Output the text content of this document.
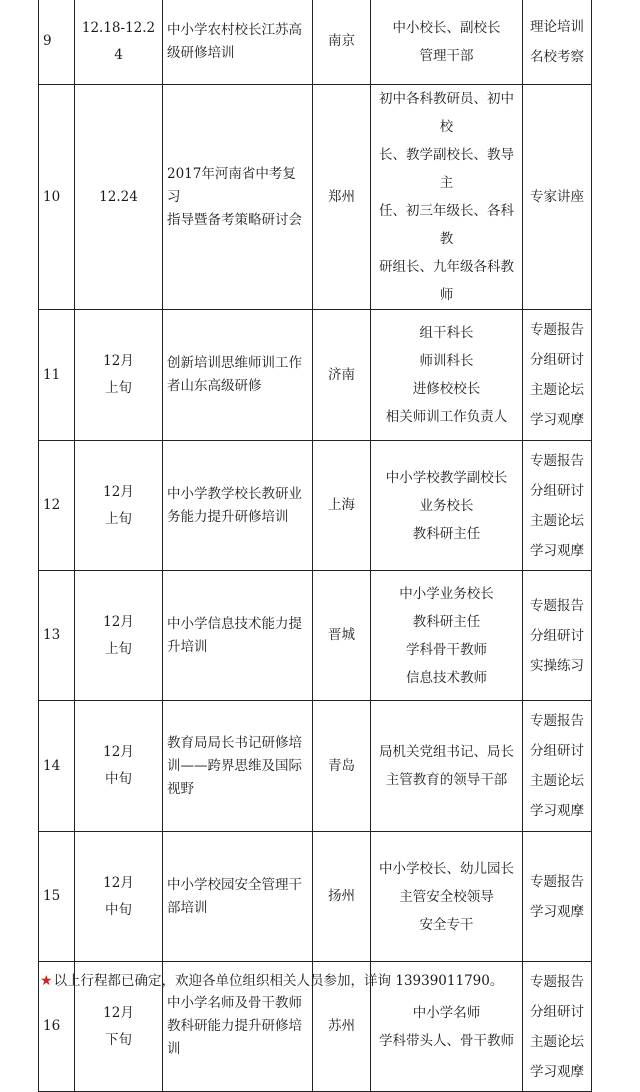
9	12.18-12.24	中小学农村校长江苏高
级研修培训	南京	中小校长、副校长
管理干部	理论培训
名校考察

10	12.24	2017年河南省中考复习
指导暨备考策略研讨会	郑州	初中各科教研员、初中校
长、教学副校长、教导主
任、初三年级长、各科教
研组长、九年级各科教师	专家讲座

11	12月
上旬	创新培训思维师训工作
者山东高级研修	济南	组干科长
师训科长
进修校校长
相关师训工作负责人	专题报告
分组研讨
主题论坛
学习观摩

12	12月
上旬	中小学教学校长教研业
务能力提升研修培训	上海	中小学校教学副校长
业务校长
教科研主任	专题报告
分组研讨
主题论坛
学习观摩

13	12月
上旬	中小学信息技术能力提
升培训	晋城	中小学业务校长
教科研主任
学科骨干教师
信息技术教师	专题报告
分组研讨
实操练习

14	12月
中旬	教育局局长书记研修培
训——跨界思维及国际
视野	青岛	局机关党组书记、局长
主管教育的领导干部	专题报告
分组研讨
主题论坛
学习观摩

15	12月
中旬	中小学校园安全管理干
部培训	扬州	中小学校长、幼儿园长
主管安全校领导
安全专干	专题报告
学习观摩

16	12月
下旬	中小学名师及骨干教师
教科研能力提升研修培
训	苏州	中小学名师
学科带头人、骨干教师	专题报告
分组研讨
主题论坛
学习观摩
★以上行程都已确定，欢迎各单位组织相关人员参加，详询 13939011790。
